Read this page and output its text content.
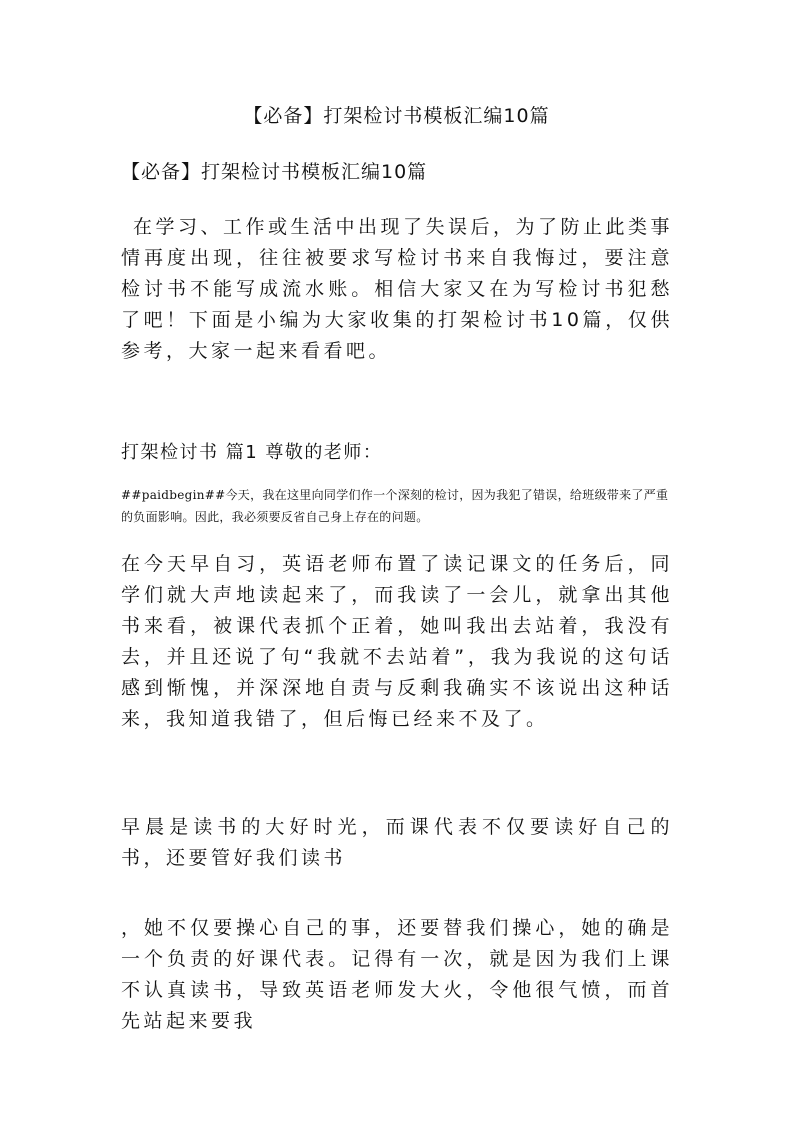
【必备】打架检讨书模板汇编10篇
【必备】打架检讨书模板汇编10篇

在学习、工作或生活中出现了失误后，为了防止此类事情再度出现，往往被要求写检讨书来自我悔过，要注意检讨书不能写成流水账。相信大家又在为写检讨书犯愁了吧！下面是小编为大家收集的打架检讨书10篇，仅供参考，大家一起来看看吧。

打架检讨书 篇1 尊敬的老师：

##paidbegin##今天，我在这里向同学们作一个深刻的检讨，因为我犯了错误，给班级带来了严重的负面影响。因此，我必须要反省自己身上存在的问题。

在今天早自习，英语老师布置了读记课文的任务后，同学们就大声地读起来了，而我读了一会儿，就拿出其他书来看，被课代表抓个正着，她叫我出去站着，我没有去，并且还说了句“我就不去站着”，我为我说的这句话感到惭愧，并深深地自责与反剩我确实不该说出这种话来，我知道我错了，但后悔已经来不及了。

早晨是读书的大好时光，而课代表不仅要读好自己的书，还要管好我们读书

，她不仅要操心自己的事，还要替我们操心，她的确是一个负责的好课代表。记得有一次，就是因为我们上课不认真读书，导致英语老师发大火，令他很气愤，而首先站起来要我
